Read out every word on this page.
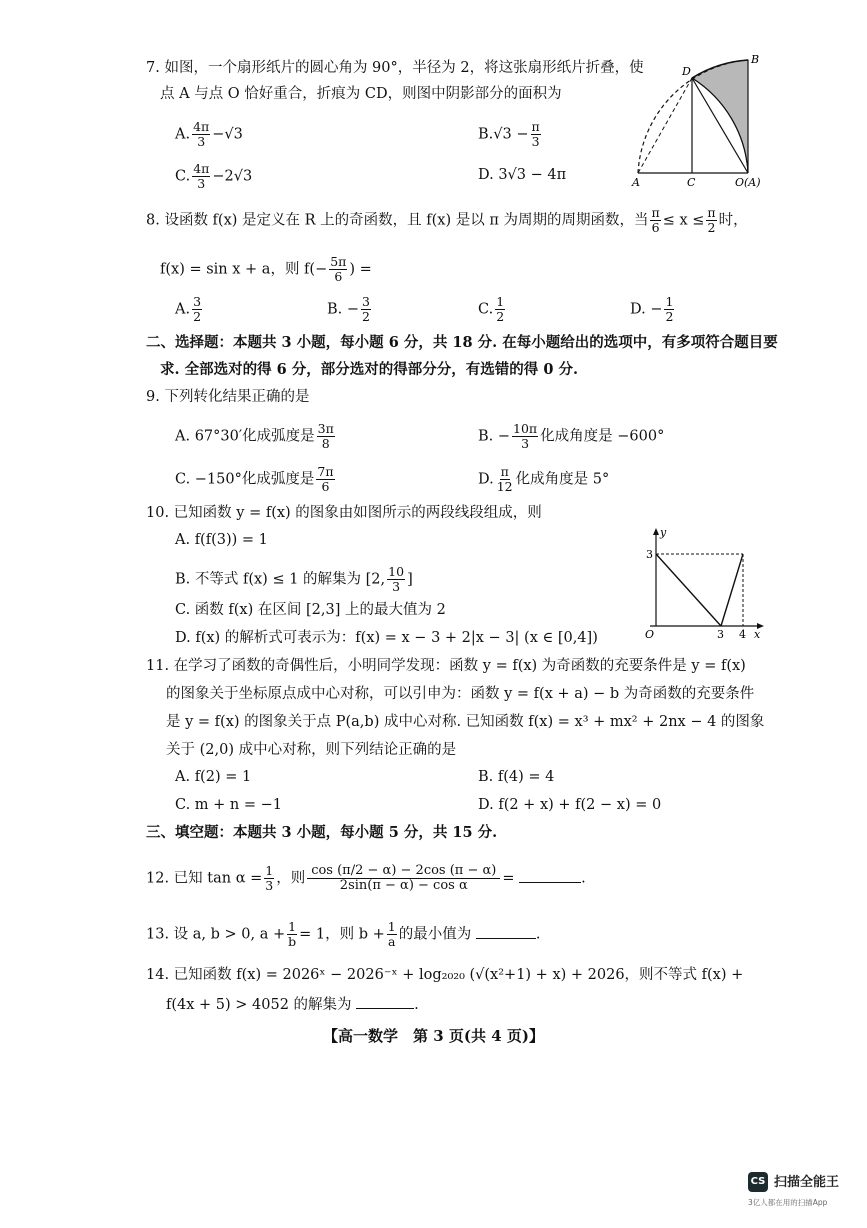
7. 如图，一个扇形纸片的圆心角为 90°，半径为 2，将这张扇形纸片折叠，使
点 A 与点 O 恰好重合，折痕为 CD，则图中阴影部分的面积为
A. $\frac{4\pi}{3} -√3$	$B.√3 - \frac{\pi}{3}$
C. $\frac{4\pi}{3} -2√3$	D. 3√3 − 4π
B
D
A	C	O(A)
8. 设函数 f(x) 是定义在 R 上的奇函数，且 f(x) 是以 π 为周期的周期函数，当 $\frac{\pi}{6} \le x \le \frac{\pi}{2}$ 时，
f(x) = sin x + a，则 $f(- \frac{5\pi}{6}$ ) =
A. $\frac{3}{2}$	B. − $\frac{3}{2}$	C. $\frac{1}{2}$	D. − $\frac{1}{2}$
二、选择题：本题共 3 小题，每小题 6 分，共 18 分. 在每小题给出的选项中，有多项符合题目要
求. 全部选对的得 6 分，部分选对的得部分分，有选错的得 0 分.
9. 下列转化结果正确的是
A. 67°30′化成弧度是 $\frac{3\pi}{8}$	B. − $\frac{10\pi}{3}$ 化成角度是 −600°
C. −150°化成弧度是 $\frac{7\pi}{6}$	D. $\frac{\pi}{12}$ 化成角度是 5°
10. 已知函数 y = f(x) 的图象由如图所示的两段线段组成，则
A. f(f(3)) = 1
B. 不等式 f(x) ≤ 1 的解集为 [2, $\frac{10}{3}$ ]
C. 函数 f(x) 在区间 [2,3] 上的最大值为 2
D. f(x) 的解析式可表示为：f(x) = x − 3 + 2|x − 3| (x ∈ [0,4])
y
x
O
3
3 4
11. 在学习了函数的奇偶性后，小明同学发现：函数 y = f(x) 为奇函数的充要条件是 y = f(x)
的图象关于坐标原点成中心对称，可以引申为：函数 y = f(x + a) − b 为奇函数的充要条件
是 y = f(x) 的图象关于点 P(a,b) 成中心对称. 已知函数 f(x) = x³ + mx² + 2nx − 4 的图象
关于 (2,0) 成中心对称，则下列结论正确的是
A. f(2) = 1	B. f(4) = 4
C. m + n = −1	D. f(2 + x) + f(2 − x) = 0
三、填空题：本题共 3 小题，每小题 5 分，共 15 分.
12. 已知 $\tan \alpha = \frac{1}{3}$ ，则 $\frac{\cos (\pi/2 - \alpha) - 2\cos (\pi - \alpha)}{\text{2sin(π − α) − cos α}}$ =	.
13. 设 a, b > 0, $a + \frac{1}{b} = 1$，则 $b + \frac{1}{a}$ 的最小值为	.
14. 已知函数 f(x) = 2026ˣ − 2026⁻ˣ + log₂₀₂₀ (√(x²+1) + x) + 2026，则不等式 f(x) +
f(4x + 5) > 4052 的解集为	.
【高一数学　第 3 页(共 4 页)】
CS 扫描全能王
3亿人都在用的扫描App
